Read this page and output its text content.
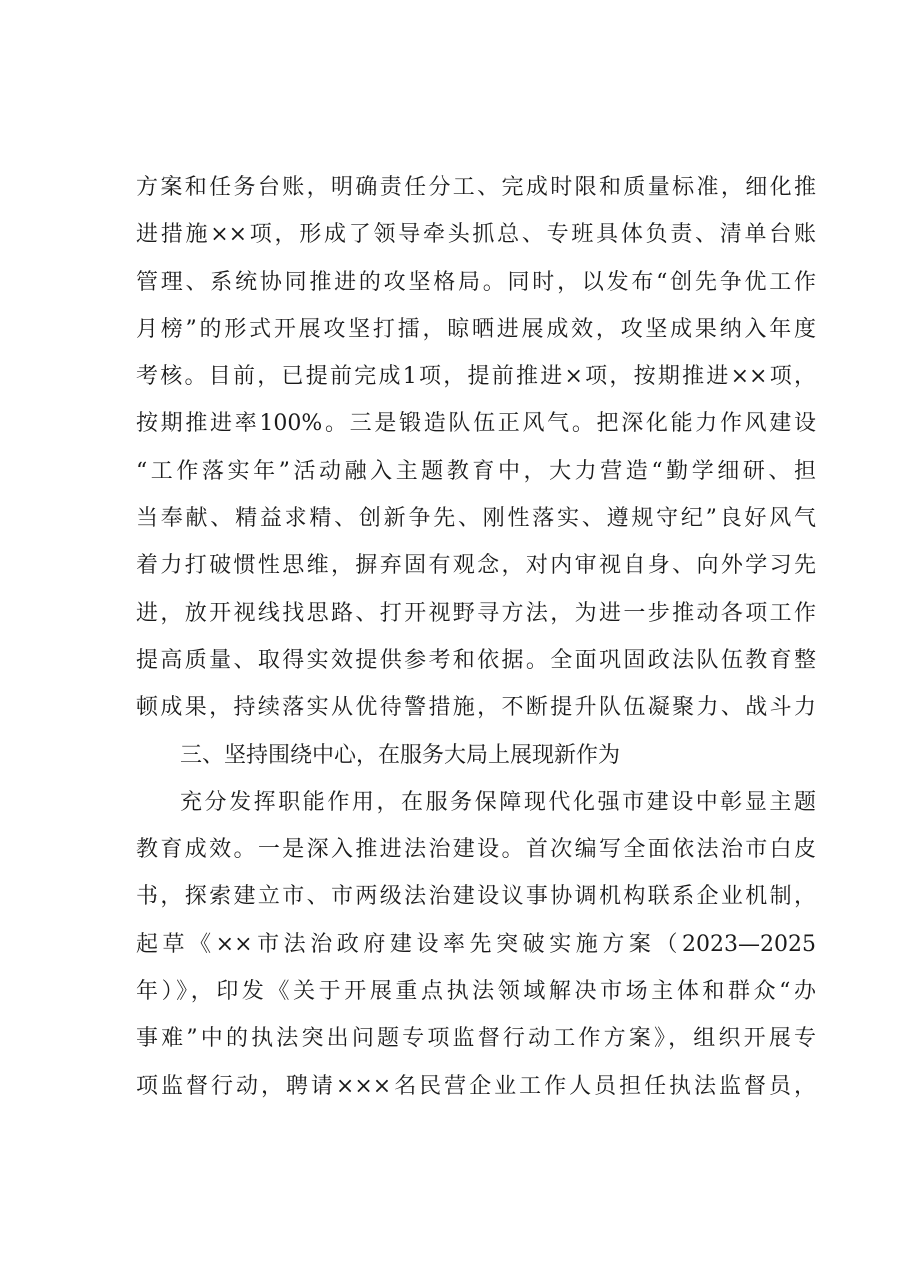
方案和任务台账，明确责任分工、完成时限和质量标准，细化推
进措施××项，形成了领导牵头抓总、专班具体负责、清单台账
管理、系统协同推进的攻坚格局。同时，以发布“创先争优工作
月榜”的形式开展攻坚打擂，晾晒进展成效，攻坚成果纳入年度
考核。目前，已提前完成1项，提前推进×项，按期推进××项，
按期推进率100%。三是锻造队伍正风气。把深化能力作风建设
“工作落实年”活动融入主题教育中，大力营造“勤学细研、担
当奉献、精益求精、创新争先、刚性落实、遵规守纪”良好风气
着力打破惯性思维，摒弃固有观念，对内审视自身、向外学习先
进，放开视线找思路、打开视野寻方法，为进一步推动各项工作
提高质量、取得实效提供参考和依据。全面巩固政法队伍教育整
顿成果，持续落实从优待警措施，不断提升队伍凝聚力、战斗力
三、坚持围绕中心，在服务大局上展现新作为
充分发挥职能作用，在服务保障现代化强市建设中彰显主题
教育成效。一是深入推进法治建设。首次编写全面依法治市白皮
书，探索建立市、市两级法治建设议事协调机构联系企业机制，
起草《××市法治政府建设率先突破实施方案（2023—2025
年）》，印发《关于开展重点执法领域解决市场主体和群众“办
事难”中的执法突出问题专项监督行动工作方案》，组织开展专
项监督行动，聘请×××名民营企业工作人员担任执法监督员，
